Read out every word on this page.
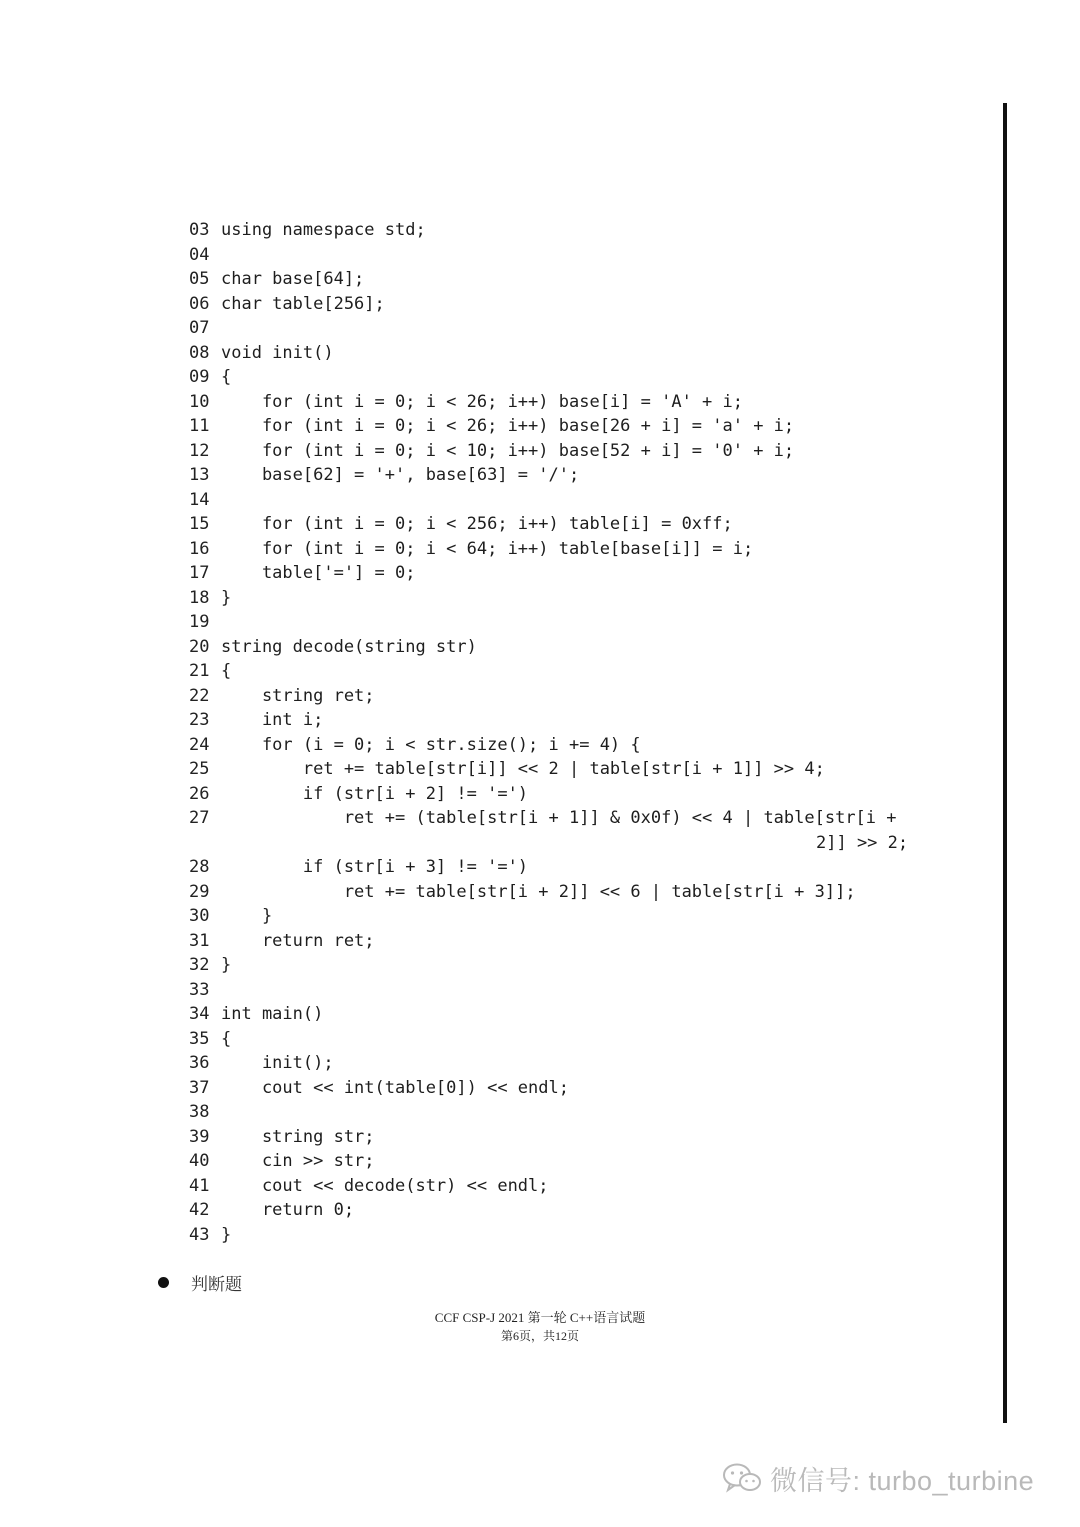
03 using namespace std;
04
05 char base[64];
06 char table[256];
07
08 void init()
09 {
10    for (int i = 0; i < 26; i++) base[i] = 'A' + i;
11    for (int i = 0; i < 26; i++) base[26 + i] = 'a' + i;
12    for (int i = 0; i < 10; i++) base[52 + i] = '0' + i;
13    base[62] = '+', base[63] = '/';
14
15    for (int i = 0; i < 256; i++) table[i] = 0xff;
16    for (int i = 0; i < 64; i++) table[base[i]] = i;
17    table['='] = 0;
18 }
19
20 string decode(string str)
21 {
22    string ret;
23    int i;
24    for (i = 0; i < str.size(); i += 4) {
25        ret += table[str[i]] << 2 | table[str[i + 1]] >> 4;
26        if (str[i + 2] != '=')
27            ret += (table[str[i + 1]] & 0x0f) << 4 | table[str[i +
2]] >> 2;
28        if (str[i + 3] != '=')
29            ret += table[str[i + 2]] << 6 | table[str[i + 3]];
30    }
31    return ret;
32 }
33
34 int main()
35 {
36    init();
37    cout << int(table[0]) << endl;
38
39    string str;
40    cin >> str;
41    cout << decode(str) << endl;
42    return 0;
43 }
判断题
CCF CSP-J 2021 第一轮 C++语言试题
第6页，共12页
微信号: turbo_turbine
